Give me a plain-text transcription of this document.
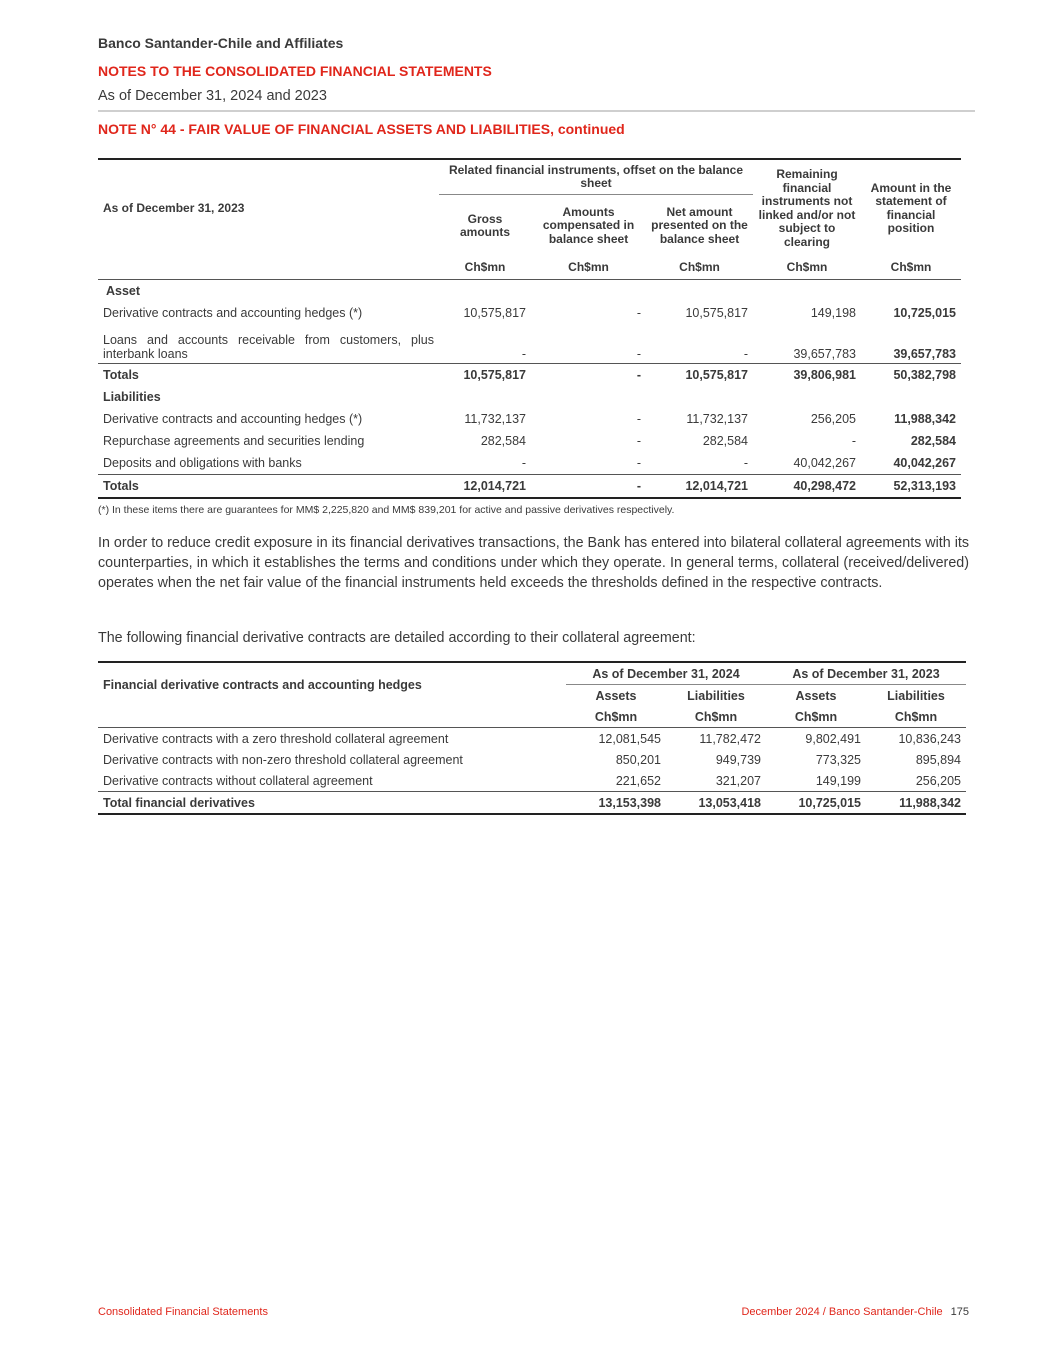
Banco Santander-Chile and Affiliates
NOTES TO THE CONSOLIDATED FINANCIAL STATEMENTS
As of December 31, 2024 and 2023
NOTE N° 44 - FAIR VALUE OF FINANCIAL ASSETS AND LIABILITIES, continued
As of December 31, 2023	Related financial instruments, offset on the balance sheet			Remaining financial instruments not linked and/or not subject to clearing	Amount in the statement of financial position
	Gross amounts	Amounts compensated in balance sheet	Net amount presented on the balance sheet		
	Ch$mn	Ch$mn	Ch$mn	Ch$mn	Ch$mn
Asset					
Derivative contracts and accounting hedges (*)	10,575,817	-	10,575,817	149,198	10,725,015
Loans and accounts receivable from customers, plus interbank loans	-	-	-	39,657,783	39,657,783
Totals	10,575,817	-	10,575,817	39,806,981	50,382,798
Liabilities					
Derivative contracts and accounting hedges (*)	11,732,137	-	11,732,137	256,205	11,988,342
Repurchase agreements and securities lending	282,584	-	282,584	-	282,584
Deposits and obligations with banks	-	-	-	40,042,267	40,042,267
Totals	12,014,721	-	12,014,721	40,298,472	52,313,193
(*) In these items there are guarantees for MM$ 2,225,820 and MM$ 839,201 for active and passive derivatives respectively.

In order to reduce credit exposure in its financial derivatives transactions, the Bank has entered into bilateral collateral agreements with its counterparties, in which it establishes the terms and conditions under which they operate. In general terms, collateral (received/delivered) operates when the net fair value of the financial instruments held exceeds the thresholds defined in the respective contracts.

The following financial derivative contracts are detailed according to their collateral agreement:
Financial derivative contracts and accounting hedges	As of December 31, 2024		As of December 31, 2023	
	Assets	Liabilities	Assets	Liabilities
	Ch$mn	Ch$mn	Ch$mn	Ch$mn
Derivative contracts with a zero threshold collateral agreement	12,081,545	11,782,472	9,802,491	10,836,243
Derivative contracts with non-zero threshold collateral agreement	850,201	949,739	773,325	895,894
Derivative contracts without collateral agreement	221,652	321,207	149,199	256,205
Total financial derivatives	13,153,398	13,053,418	10,725,015	11,988,342
Consolidated Financial Statements	December 2024 / Banco Santander-Chile 175
